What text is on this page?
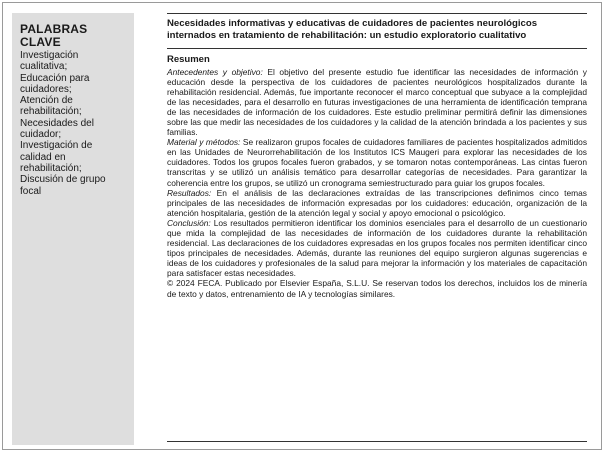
PALABRAS CLAVE
Investigación cualitativa;
Educación para cuidadores;
Atención de rehabilitación;
Necesidades del cuidador;
Investigación de calidad en rehabilitación;
Discusión de grupo focal
Necesidades informativas y educativas de cuidadores de pacientes neurológicos internados en tratamiento de rehabilitación: un estudio exploratorio cualitativo
Resumen

Antecedentes y objetivo: El objetivo del presente estudio fue identificar las necesidades de información y educación desde la perspectiva de los cuidadores de pacientes neurológicos hospitalizados durante la rehabilitación residencial. Además, fue importante reconocer el marco conceptual que subyace a la complejidad de las necesidades, para el desarrollo en futuras investigaciones de una herramienta de identificación temprana de las necesidades de información de los cuidadores. Este estudio preliminar permitirá definir las dimensiones sobre las que medir las necesidades de los cuidadores y la calidad de la atención brindada a los pacientes y sus familias.

Material y métodos: Se realizaron grupos focales de cuidadores familiares de pacientes hospitalizados admitidos en las Unidades de Neurorrehabilitación de los Institutos ICS Maugeri para explorar las necesidades de los cuidadores. Todos los grupos focales fueron grabados, y se tomaron notas contemporáneas. Las cintas fueron transcritas y se utilizó un análisis temático para desarrollar categorías de necesidades. Para garantizar la coherencia entre los grupos, se utilizó un cronograma semiestructurado para guiar los grupos focales.

Resultados: En el análisis de las declaraciones extraídas de las transcripciones definimos cinco temas principales de las necesidades de información expresadas por los cuidadores: educación, organización de la atención hospitalaria, gestión de la atención legal y social y apoyo emocional o psicológico.

Conclusión: Los resultados permitieron identificar los dominios esenciales para el desarrollo de un cuestionario que mida la complejidad de las necesidades de información de los cuidadores durante la rehabilitación residencial. Las declaraciones de los cuidadores expresadas en los grupos focales nos permiten identificar cinco tipos principales de necesidades. Además, durante las reuniones del equipo surgieron algunas sugerencias e ideas de los cuidadores y profesionales de la salud para mejorar la información y los materiales de capacitación para satisfacer estas necesidades.

© 2024 FECA. Publicado por Elsevier España, S.L.U. Se reservan todos los derechos, incluidos los de minería de texto y datos, entrenamiento de IA y tecnologías similares.
